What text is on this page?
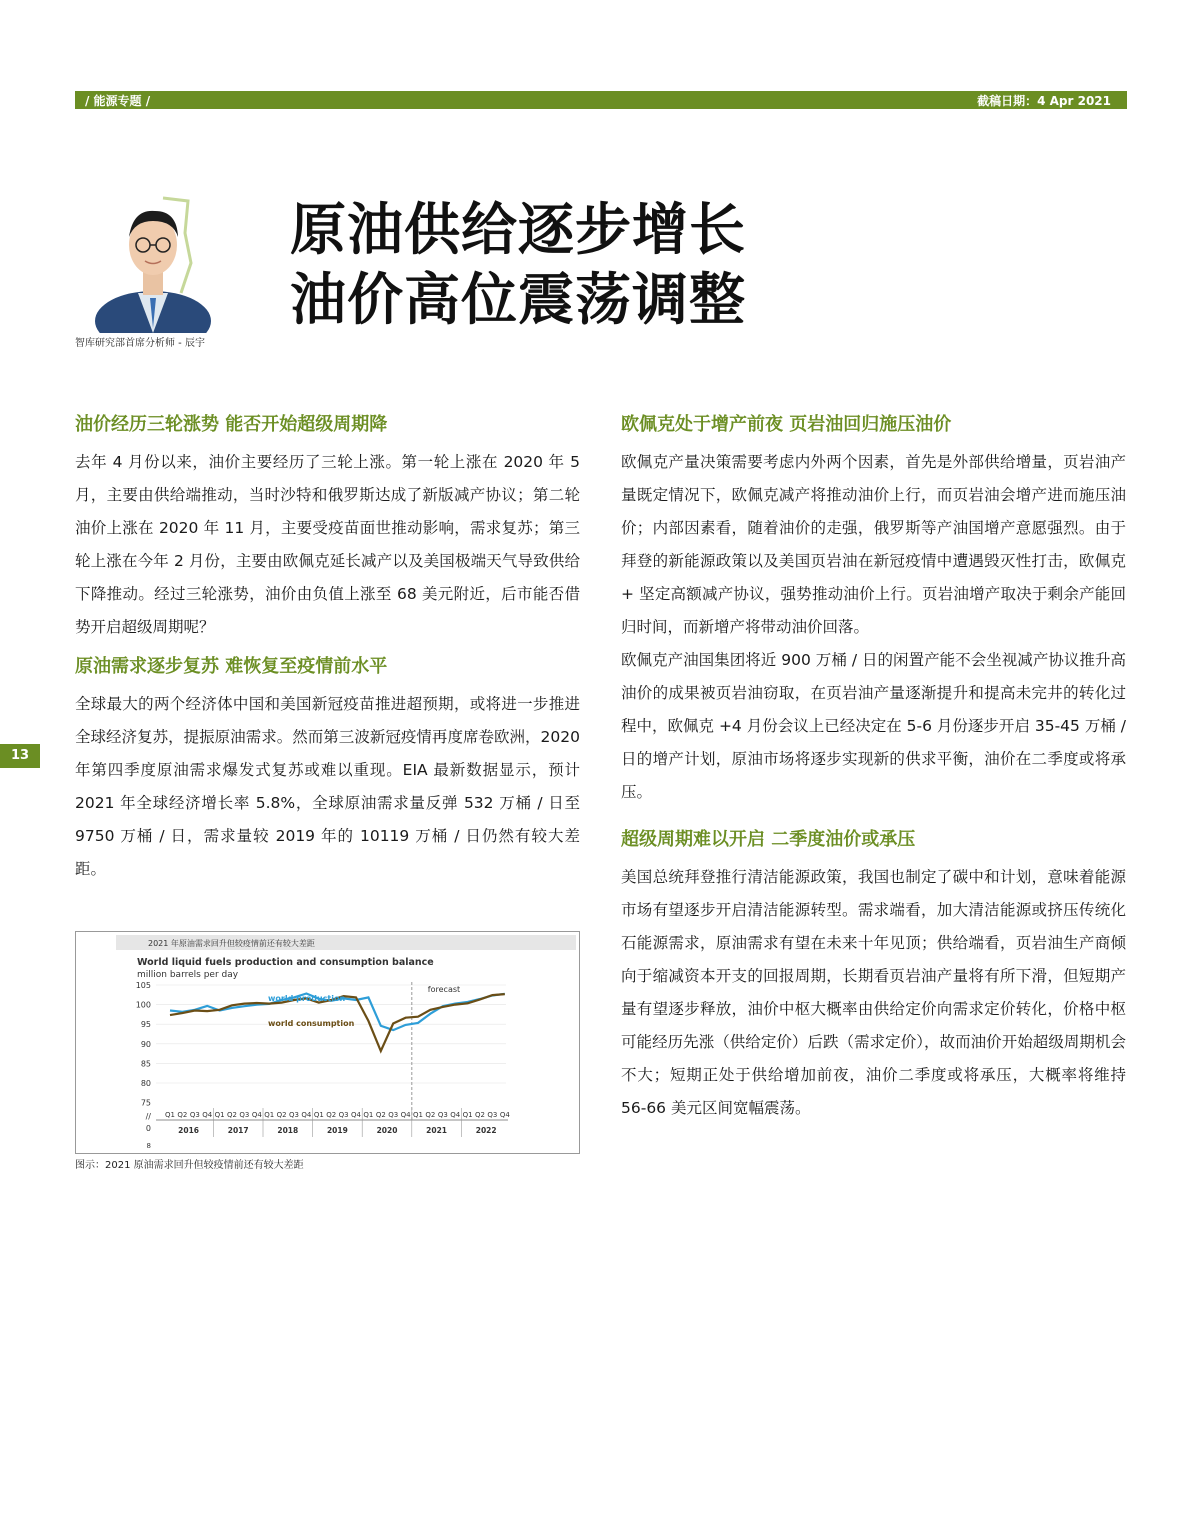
/ 能源专题 /	截稿日期：4 Apr 2021
智库研究部首席分析师 - 辰宇
原油供给逐步增长
油价高位震荡调整
13
油价经历三轮涨势 能否开始超级周期降
去年 4 月份以来，油价主要经历了三轮上涨。第一轮上涨在 2020 年 5 月，主要由供给端推动，当时沙特和俄罗斯达成了新版减产协议；第二轮油价上涨在 2020 年 11 月，主要受疫苗面世推动影响，需求复苏；第三轮上涨在今年 2 月份，主要由欧佩克延长减产以及美国极端天气导致供给下降推动。经过三轮涨势，油价由负值上涨至 68 美元附近，后市能否借势开启超级周期呢？
原油需求逐步复苏 难恢复至疫情前水平
全球最大的两个经济体中国和美国新冠疫苗推进超预期，或将进一步推进全球经济复苏，提振原油需求。然而第三波新冠疫情再度席卷欧洲，2020 年第四季度原油需求爆发式复苏或难以重现。EIA 最新数据显示，预计 2021 年全球经济增长率 5.8%，全球原油需求量反弹 532 万桶 / 日至 9750 万桶 / 日，需求量较 2019 年的 10119 万桶 / 日仍然有较大差距。
2021 年原油需求回升但较疫情前还有较大差距
World liquid fuels production and consumption balance
million barrels per day
105
100
95
90
85
80
75
//
0
forecast
world production
world consumption
Q1 Q2 Q3 Q4 Q1 Q2 Q3 Q4 Q1 Q2 Q3 Q4 Q1 Q2 Q3 Q4 Q1 Q2 Q3 Q4 Q1 Q2 Q3 Q4 Q1 Q2 Q3 Q4
2016	2017	2018	2019	2020	2021	2022
8
图示：2021 原油需求回升但较疫情前还有较大差距
欧佩克处于增产前夜 页岩油回归施压油价
欧佩克产量决策需要考虑内外两个因素，首先是外部供给增量，页岩油产量既定情况下，欧佩克减产将推动油价上行，而页岩油会增产进而施压油价；内部因素看，随着油价的走强，俄罗斯等产油国增产意愿强烈。由于拜登的新能源政策以及美国页岩油在新冠疫情中遭遇毁灭性打击，欧佩克 + 坚定高额减产协议，强势推动油价上行。页岩油增产取决于剩余产能回归时间，而新增产将带动油价回落。
欧佩克产油国集团将近 900 万桶 / 日的闲置产能不会坐视减产协议推升高油价的成果被页岩油窃取，在页岩油产量逐渐提升和提高未完井的转化过程中，欧佩克 +4 月份会议上已经决定在 5-6 月份逐步开启 35-45 万桶 / 日的增产计划，原油市场将逐步实现新的供求平衡，油价在二季度或将承压。
超级周期难以开启 二季度油价或承压
美国总统拜登推行清洁能源政策，我国也制定了碳中和计划，意味着能源市场有望逐步开启清洁能源转型。需求端看，加大清洁能源或挤压传统化石能源需求，原油需求有望在未来十年见顶；供给端看，页岩油生产商倾向于缩减资本开支的回报周期，长期看页岩油产量将有所下滑，但短期产量有望逐步释放，油价中枢大概率由供给定价向需求定价转化，价格中枢可能经历先涨（供给定价）后跌（需求定价），故而油价开始超级周期机会不大；短期正处于供给增加前夜，油价二季度或将承压，大概率将维持 56-66 美元区间宽幅震荡。
